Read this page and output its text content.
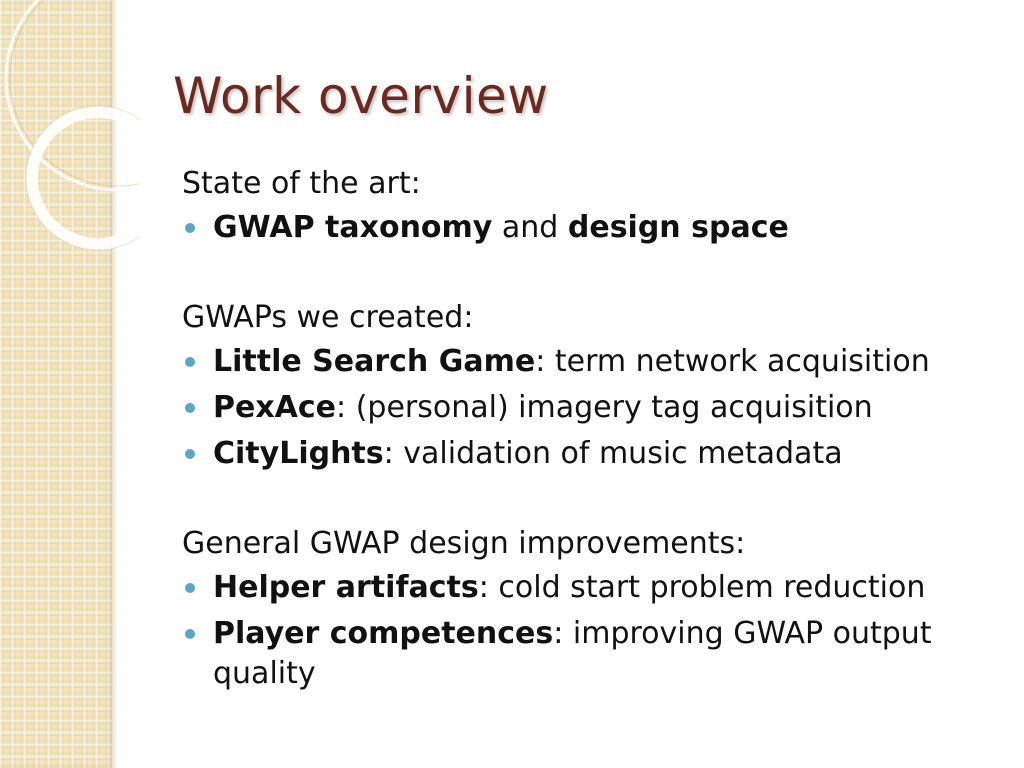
Work overview
State of the art:
GWAP taxonomy and design space
GWAPs we created:
Little Search Game: term network acquisition
PexAce: (personal) imagery tag acquisition
CityLights: validation of music metadata
General GWAP design improvements:
Helper artifacts: cold start problem reduction
Player competences: improving GWAP output quality
